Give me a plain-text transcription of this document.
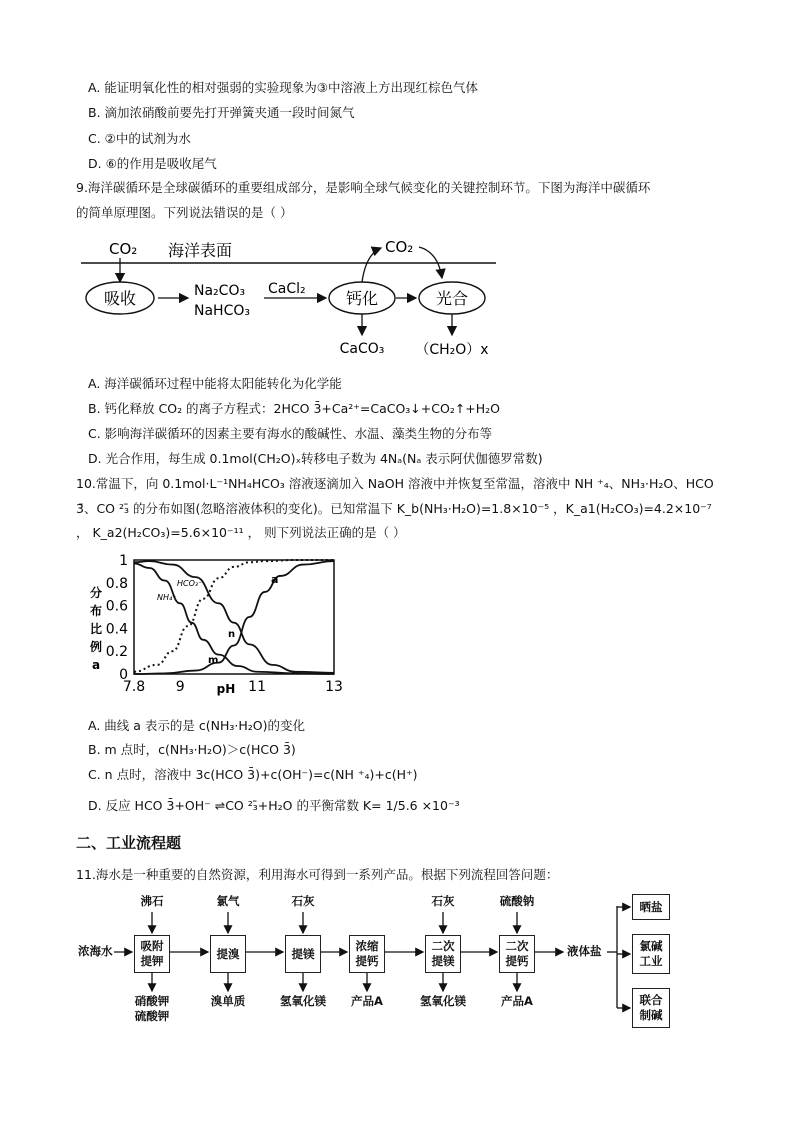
A. 能证明氧化性的相对强弱的实验现象为③中溶液上方出现红棕色气体
B. 滴加浓硝酸前要先打开弹簧夹通一段时间氮气
C. ②中的试剂为水
D. ⑥的作用是吸收尾气
9.海洋碳循环是全球碳循环的重要组成部分，是影响全球气候变化的关键控制环节。下图为海洋中碳循环
的简单原理图。下列说法错误的是（ ）
海洋表面
CO₂
吸收	Na₂CO₃
NaHCO₃
CaCl₂	钙化
CO₂
光合
CaCO₃ （CH₂O）x
A. 海洋碳循环过程中能将太阳能转化为化学能
B. 钙化释放 CO₂ 的离子方程式：2HCO 3̄+Ca²⁺=CaCO₃↓+CO₂↑+H₂O
C. 影响海洋碳循环的因素主要有海水的酸碱性、水温、藻类生物的分布等
D. 光合作用，每生成 0.1mol(CH₂O)ₓ转移电子数为 4Nₐ(Nₐ 表示阿伏伽德罗常数)
10.常温下，向 0.1mol·L⁻¹NH₄HCO₃ 溶液逐滴加入 NaOH 溶液中并恢复至常温，溶液中 NH ⁺₄、NH₃·H₂O、HCO
3̄、CO ²₃̄ 的分布如图(忽略溶液体积的变化)。已知常温下 K_b(NH₃·H₂O)=1.8×10⁻⁵ ，K_a1(H₂CO₃)=4.2×10⁻⁷
， K_a2(H₂CO₃)=5.6×10⁻¹¹ ， 则下列说法正确的是（ ）
0
0.2
0.4
0.6
0.8
1
7.8 9	11	13
分
布
比
例
a
pH
HCO₃⁻
NH₄⁺
a
n
m
A. 曲线 a 表示的是 c(NH₃·H₂O)的变化
B. m 点时，c(NH₃·H₂O)＞c(HCO 3̄)
C. n 点时，溶液中 3c(HCO 3̄)+c(OH⁻)=c(NH ⁺₄)+c(H⁺)
D. 反应 HCO 3̄+OH⁻ ⇌CO ²₃̄+H₂O 的平衡常数 K= 1/5.6 ×10⁻³
二、工业流程题
11.海水是一种重要的自然资源，利用海水可得到一系列产品。根据下列流程回答问题：
浓海水	吸附
提钾
沸石
硝酸钾
硫酸钾
提溴
氯气
溴单质
提镁
石灰
氢氧化镁
浓缩
提钙
产品A
二次
提镁
石灰
氢氧化镁
二次
提钙
硫酸钠
产品A
液体盐
晒盐
氯碱
工业
联合
制碱
